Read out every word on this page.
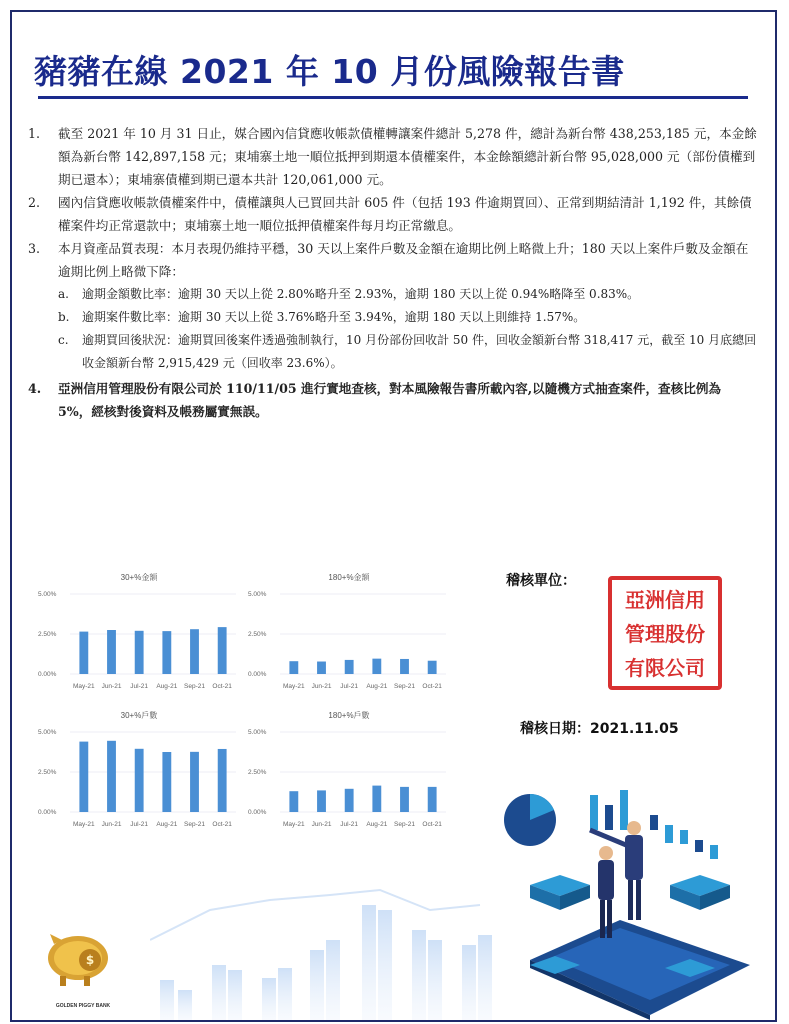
豬豬在線 2021 年 10 月份風險報告書
1. 截至 2021 年 10 月 31 日止，媒合國內信貸應收帳款債權轉讓案件總計 5,278 件，總計為新台幣 438,253,185 元，本金餘額為新台幣 142,897,158 元；東埔寨土地一順位抵押到期還本債權案件，本金餘額總計新台幣 95,028,000 元（部份債權到期已還本）；東埔寨債權到期已還本共計 120,061,000 元。
2. 國內信貸應收帳款債權案件中，債權讓與人已買回共計 605 件（包括 193 件逾期買回）、正常到期結清計 1,192 件，其餘債權案件均正常還款中；東埔寨土地一順位抵押債權案件每月均正常繳息。
3. 本月資產品質表現：本月表現仍維持平穩，30 天以上案件戶數及金額在逾期比例上略微上升；180 天以上案件戶數及金額在逾期比例上略微下降：
a. 逾期金額數比率：逾期 30 天以上從 2.80%略升至 2.93%，逾期 180 天以上從 0.94%略降至 0.83%。
b. 逾期案件數比率：逾期 30 天以上從 3.76%略升至 3.94%，逾期 180 天以上則維持 1.57%。
c. 逾期買回後狀況：逾期買回後案件透過強制執行，10 月份部份回收計 50 件，回收金額新台幣 318,417 元，截至 10 月底總回收金額新台幣 2,915,429 元（回收率 23.6%）。
4. 亞洲信用管理股份有限公司於 110/11/05 進行實地查核，對本風險報告書所載內容,以隨機方式抽查案件，查核比例為 5%，經核對後資料及帳務屬實無誤。
30+%金額
0.00%
2.50%
5.00%
May-21 Jun-21 Jul-21 Aug-21 Sep-21 Oct-21
180+%金額
0.00%
2.50%
5.00%
May-21 Jun-21 Jul-21 Aug-21 Sep-21 Oct-21
30+%戶數
0.00%
2.50%
5.00%
May-21 Jun-21 Jul-21 Aug-21 Sep-21 Oct-21
180+%戶數
0.00%
2.50%
5.00%
May-21 Jun-21 Jul-21 Aug-21 Sep-21 Oct-21
稽核單位：
亞洲信用
管理股份
有限公司
稽核日期：2021.11.05
$
GOLDEN PIGGY BANK
